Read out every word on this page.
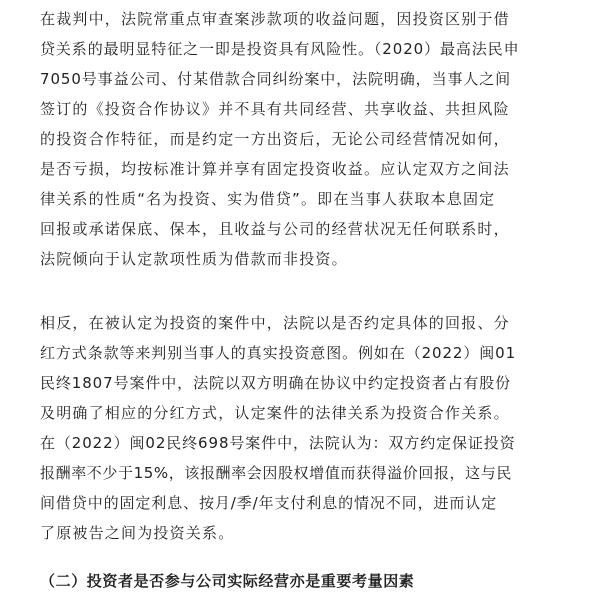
在裁判中，法院常重点审查案涉款项的收益问题，因投资区别于借
贷关系的最明显特征之一即是投资具有风险性。（2020）最高法民申
7050号事益公司、付某借款合同纠纷案中，法院明确，当事人之间
签订的《投资合作协议》并不具有共同经营、共享收益、共担风险
的投资合作特征，而是约定一方出资后，无论公司经营情况如何，
是否亏损，均按标准计算并享有固定投资收益。应认定双方之间法
律关系的性质“名为投资、实为借贷”。即在当事人获取本息固定
回报或承诺保底、保本，且收益与公司的经营状况无任何联系时，
法院倾向于认定款项性质为借款而非投资。
相反，在被认定为投资的案件中，法院以是否约定具体的回报、分
红方式条款等来判别当事人的真实投资意图。例如在（2022）闽01
民终1807号案件中，法院以双方明确在协议中约定投资者占有股份
及明确了相应的分红方式，认定案件的法律关系为投资合作关系。
在（2022）闽02民终698号案件中，法院认为：双方约定保证投资
报酬率不少于15%，该报酬率会因股权增值而获得溢价回报，这与民
间借贷中的固定利息、按月/季/年支付利息的情况不同，进而认定
了原被告之间为投资关系。
（二）投资者是否参与公司实际经营亦是重要考量因素
